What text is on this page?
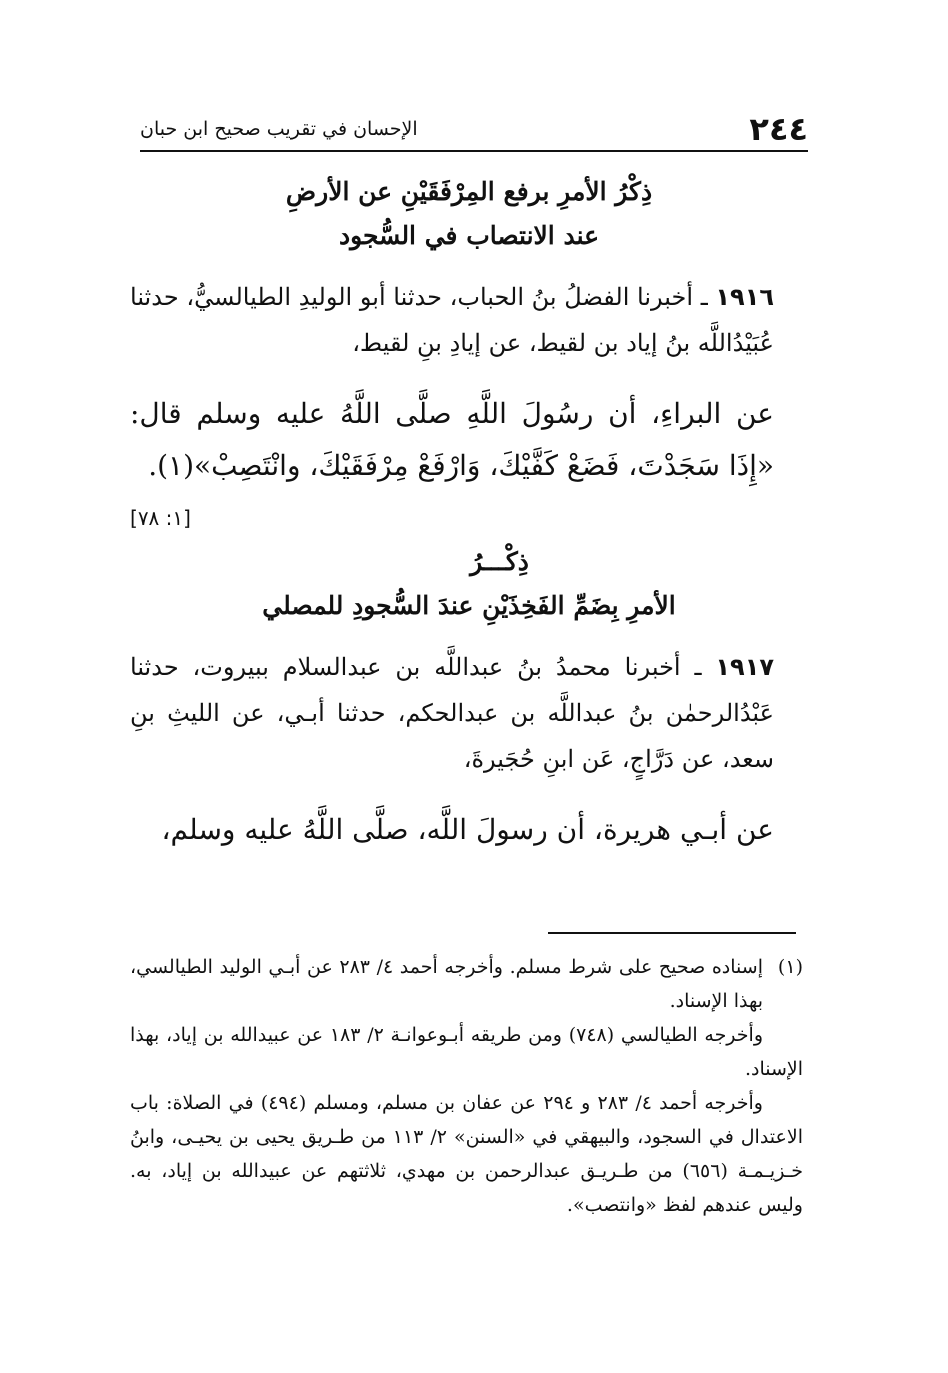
٢٤٤
الإحسان في تقريب صحيح ابن حبان

ذِكْرُ الأمرِ برفع المِرْفَقَيْنِ عن الأرضِ

عند الانتصاب في السُّجود

١٩١٦ ـ أخبرنا الفضلُ بنُ الحباب، حدثنا أبو الوليدِ الطيالسيُّ، حدثنا عُبَيْدُاللَّه بنُ إياد بن لقيط، عن إيادِ بنِ لقيط،

عن البراءِ، أن رسُولَ اللَّهِ صلَّى اللَّهُ عليه وسلم قال: «إِذَا سَجَدْتَ، فَضَعْ كَفَّيْكَ، وَارْفَعْ مِرْفَقَيْكَ، وانْتَصِبْ»(١).
[١: ٧٨]

ذِكْـــرُ

الأمرِ بِضَمِّ الفَخِذَيْنِ عندَ السُّجودِ للمصلي

١٩١٧ ـ أخبرنا محمدُ بنُ عبداللَّه بن عبدالسلام ببيروت، حدثنا عَبْدُالرحمٰن بنُ عبداللَّه بن عبدالحكم، حدثنا أبـي، عن الليثِ بنِ سعد، عن دَرَّاجٍ، عَن ابنِ حُجَيرةَ،

عن أبـي هريرة، أن رسولَ اللَّه، صلَّى اللَّهُ عليه وسلم،

(١)إسناده صحيح على شرط مسلم. وأخرجه أحمد ٤/ ٢٨٣ عن أبـي الوليد الطيالسي، بهذا الإسناد.

وأخرجه الطيالسي (٧٤٨) ومن طريقه أبـوعوانـة ٢/ ١٨٣ عن عبيدالله بن إياد، بهذا الإسناد.

وأخرجه أحمد ٤/ ٢٨٣ و ٢٩٤ عن عفان بن مسلم، ومسلم (٤٩٤) في الصلاة: باب الاعتدال في السجود، والبيهقي في «السنن» ٢/ ١١٣ من طـريق يحيى بن يحيـى، وابنُ خـزيـمـة (٦٥٦) من طـريـق عبدالرحمن بن مهدي، ثلاثتهم عن عبيدالله بن إياد، به. وليس عندهم لفظ «وانتصب».
